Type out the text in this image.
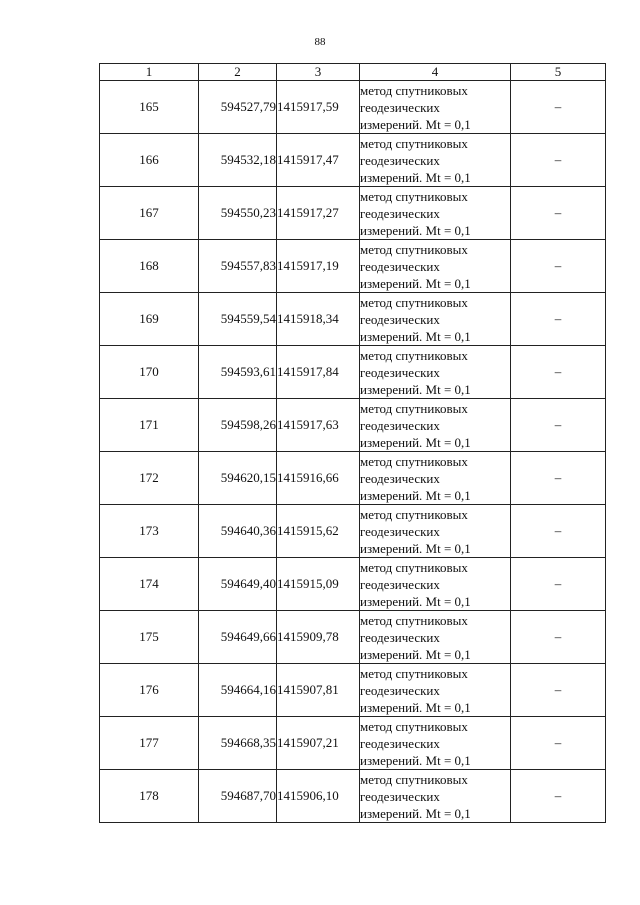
88
1	2	3	4	5
165	594527,79	1415917,59	метод спутниковых
геодезических
измерений. Mt = 0,1	–
166	594532,18	1415917,47	метод спутниковых
геодезических
измерений. Mt = 0,1	–
167	594550,23	1415917,27	метод спутниковых
геодезических
измерений. Mt = 0,1	–
168	594557,83	1415917,19	метод спутниковых
геодезических
измерений. Mt = 0,1	–
169	594559,54	1415918,34	метод спутниковых
геодезических
измерений. Mt = 0,1	–
170	594593,61	1415917,84	метод спутниковых
геодезических
измерений. Mt = 0,1	–
171	594598,26	1415917,63	метод спутниковых
геодезических
измерений. Mt = 0,1	–
172	594620,15	1415916,66	метод спутниковых
геодезических
измерений. Mt = 0,1	–
173	594640,36	1415915,62	метод спутниковых
геодезических
измерений. Mt = 0,1	–
174	594649,40	1415915,09	метод спутниковых
геодезических
измерений. Mt = 0,1	–
175	594649,66	1415909,78	метод спутниковых
геодезических
измерений. Mt = 0,1	–
176	594664,16	1415907,81	метод спутниковых
геодезических
измерений. Mt = 0,1	–
177	594668,35	1415907,21	метод спутниковых
геодезических
измерений. Mt = 0,1	–
178	594687,70	1415906,10	метод спутниковых
геодезических
измерений. Mt = 0,1	–
